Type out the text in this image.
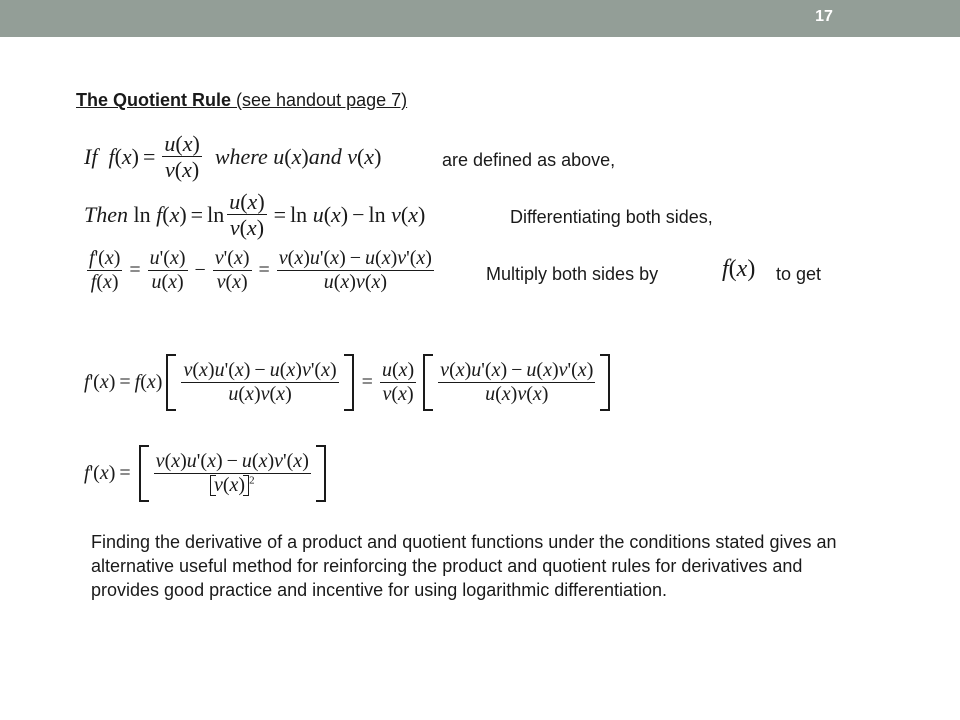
17
The Quotient Rule (see handout page 7)
If  f ( x ) = $\frac{u(x)}{v(x)}$ where u ( x ) and v ( x )	are defined as above,
Then ln f ( x ) = $\ln \frac{u(x)}{v(x)} = \ln u$ ( x ) − ln v ( x )	Differentiating both sides,
$\frac{f'(x)}{f(x)} = \frac{u'(x)}{u(x)} - \frac{v'(x)}{v(x)} = \frac{v(x)u'(x) - u(x)v'(x)}{u(x)v(x)}$	Multiply both sides by	f ( x ) to get
f '( x ) = f ( x ) $\frac{v(x)u'(x) - u(x)v'(x)}{u(x)v(x)} = \frac{u(x)}{v(x)} \frac{v(x)u'(x) - u(x)v'(x)}{u(x)v(x)}$
f '( x ) = $\frac{v(x)u'(x) - u(x)v'(x)}{v(x) ^2}$
Finding the derivative of a product and quotient functions under the conditions stated gives an alternative useful method for reinforcing the product and quotient rules for derivatives and provides good practice and incentive for using logarithmic differentiation.
